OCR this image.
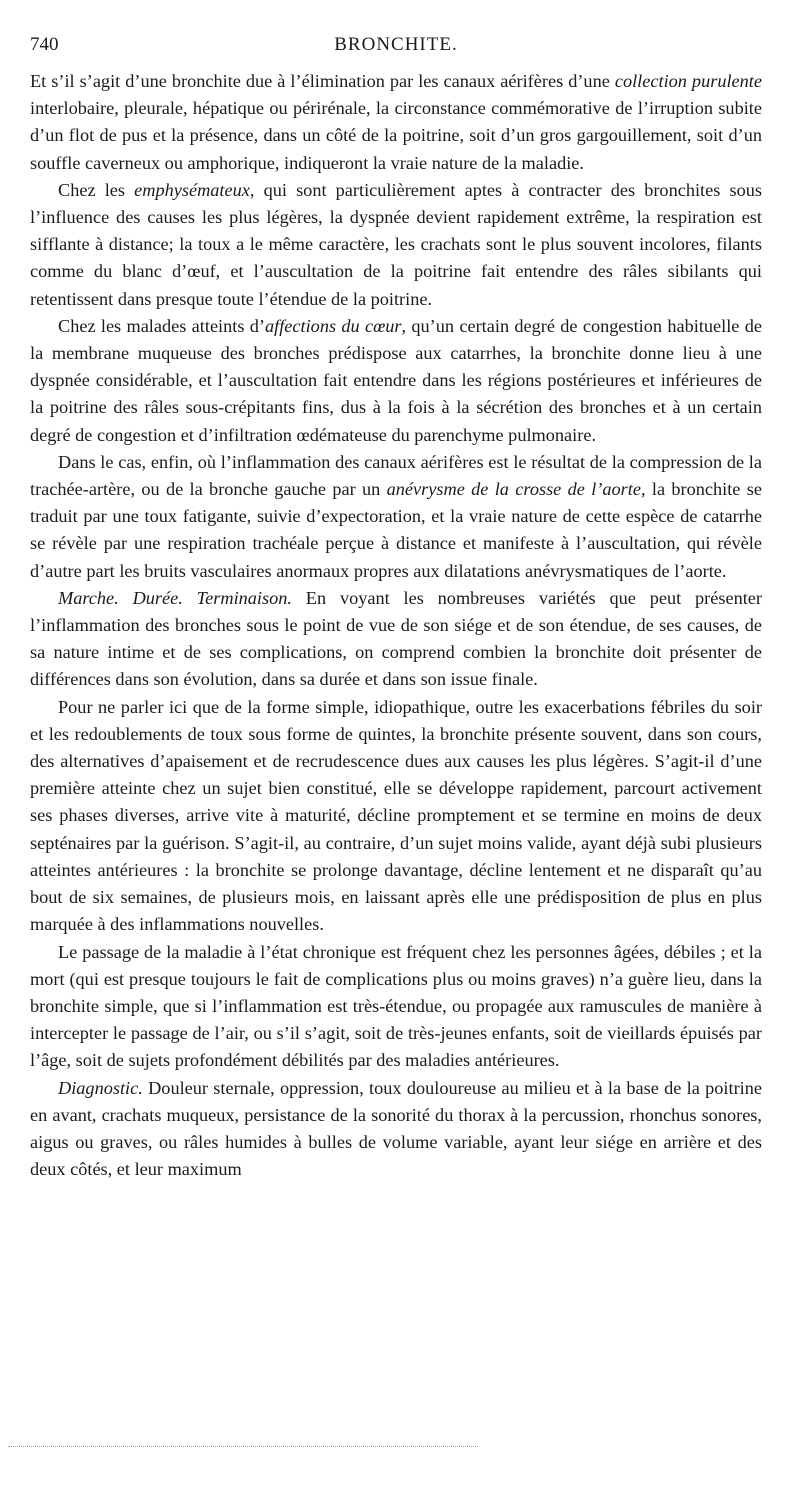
740	BRONCHITE.

Et s’il s’agit d’une bronchite due à l’élimination par les canaux aérifères d’une collection purulente interlobaire, pleurale, hépatique ou périrénale, la circonstance commémorative de l’irruption subite d’un flot de pus et la présence, dans un côté de la poitrine, soit d’un gros gargouillement, soit d’un souffle caverneux ou amphorique, indiqueront la vraie nature de la maladie.

Chez les emphysémateux, qui sont particulièrement aptes à contracter des bronchites sous l’influence des causes les plus légères, la dyspnée devient rapidement extrême, la respiration est sifflante à distance; la toux a le même caractère, les crachats sont le plus souvent incolores, filants comme du blanc d’œuf, et l’auscultation de la poitrine fait entendre des râles sibilants qui retentissent dans presque toute l’étendue de la poitrine.

Chez les malades atteints d’affections du cœur, qu’un certain degré de congestion habituelle de la membrane muqueuse des bronches prédispose aux catarrhes, la bronchite donne lieu à une dyspnée considérable, et l’auscultation fait entendre dans les régions postérieures et inférieures de la poitrine des râles sous-crépitants fins, dus à la fois à la sécrétion des bronches et à un certain degré de congestion et d’infiltration œdémateuse du parenchyme pulmonaire.

Dans le cas, enfin, où l’inflammation des canaux aérifères est le résultat de la compression de la trachée-artère, ou de la bronche gauche par un anévrysme de la crosse de l’aorte, la bronchite se traduit par une toux fatigante, suivie d’expectoration, et la vraie nature de cette espèce de catarrhe se révèle par une respiration trachéale perçue à distance et manifeste à l’auscultation, qui révèle d’autre part les bruits vasculaires anormaux propres aux dilatations anévrysmatiques de l’aorte.

Marche. Durée. Terminaison. En voyant les nombreuses variétés que peut présenter l’inflammation des bronches sous le point de vue de son siége et de son étendue, de ses causes, de sa nature intime et de ses complications, on comprend combien la bronchite doit présenter de différences dans son évolution, dans sa durée et dans son issue finale.

Pour ne parler ici que de la forme simple, idiopathique, outre les exacerbations fébriles du soir et les redoublements de toux sous forme de quintes, la bronchite présente souvent, dans son cours, des alternatives d’apaisement et de recrudescence dues aux causes les plus légères. S’agit-il d’une première atteinte chez un sujet bien constitué, elle se développe rapidement, parcourt activement ses phases diverses, arrive vite à maturité, décline promptement et se termine en moins de deux septénaires par la guérison. S’agit-il, au contraire, d’un sujet moins valide, ayant déjà subi plusieurs atteintes antérieures : la bronchite se prolonge davantage, décline lentement et ne disparaît qu’au bout de six semaines, de plusieurs mois, en laissant après elle une prédisposition de plus en plus marquée à des inflammations nouvelles.

Le passage de la maladie à l’état chronique est fréquent chez les personnes âgées, débiles ; et la mort (qui est presque toujours le fait de complications plus ou moins graves) n’a guère lieu, dans la bronchite simple, que si l’inflammation est très-étendue, ou propagée aux ramuscules de manière à intercepter le passage de l’air, ou s’il s’agit, soit de très-jeunes enfants, soit de vieillards épuisés par l’âge, soit de sujets profondément débilités par des maladies antérieures.

Diagnostic. Douleur sternale, oppression, toux douloureuse au milieu et à la base de la poitrine en avant, crachats muqueux, persistance de la sonorité du thorax à la percussion, rhonchus sonores, aigus ou graves, ou râles humides à bulles de volume variable, ayant leur siége en arrière et des deux côtés, et leur maximum
